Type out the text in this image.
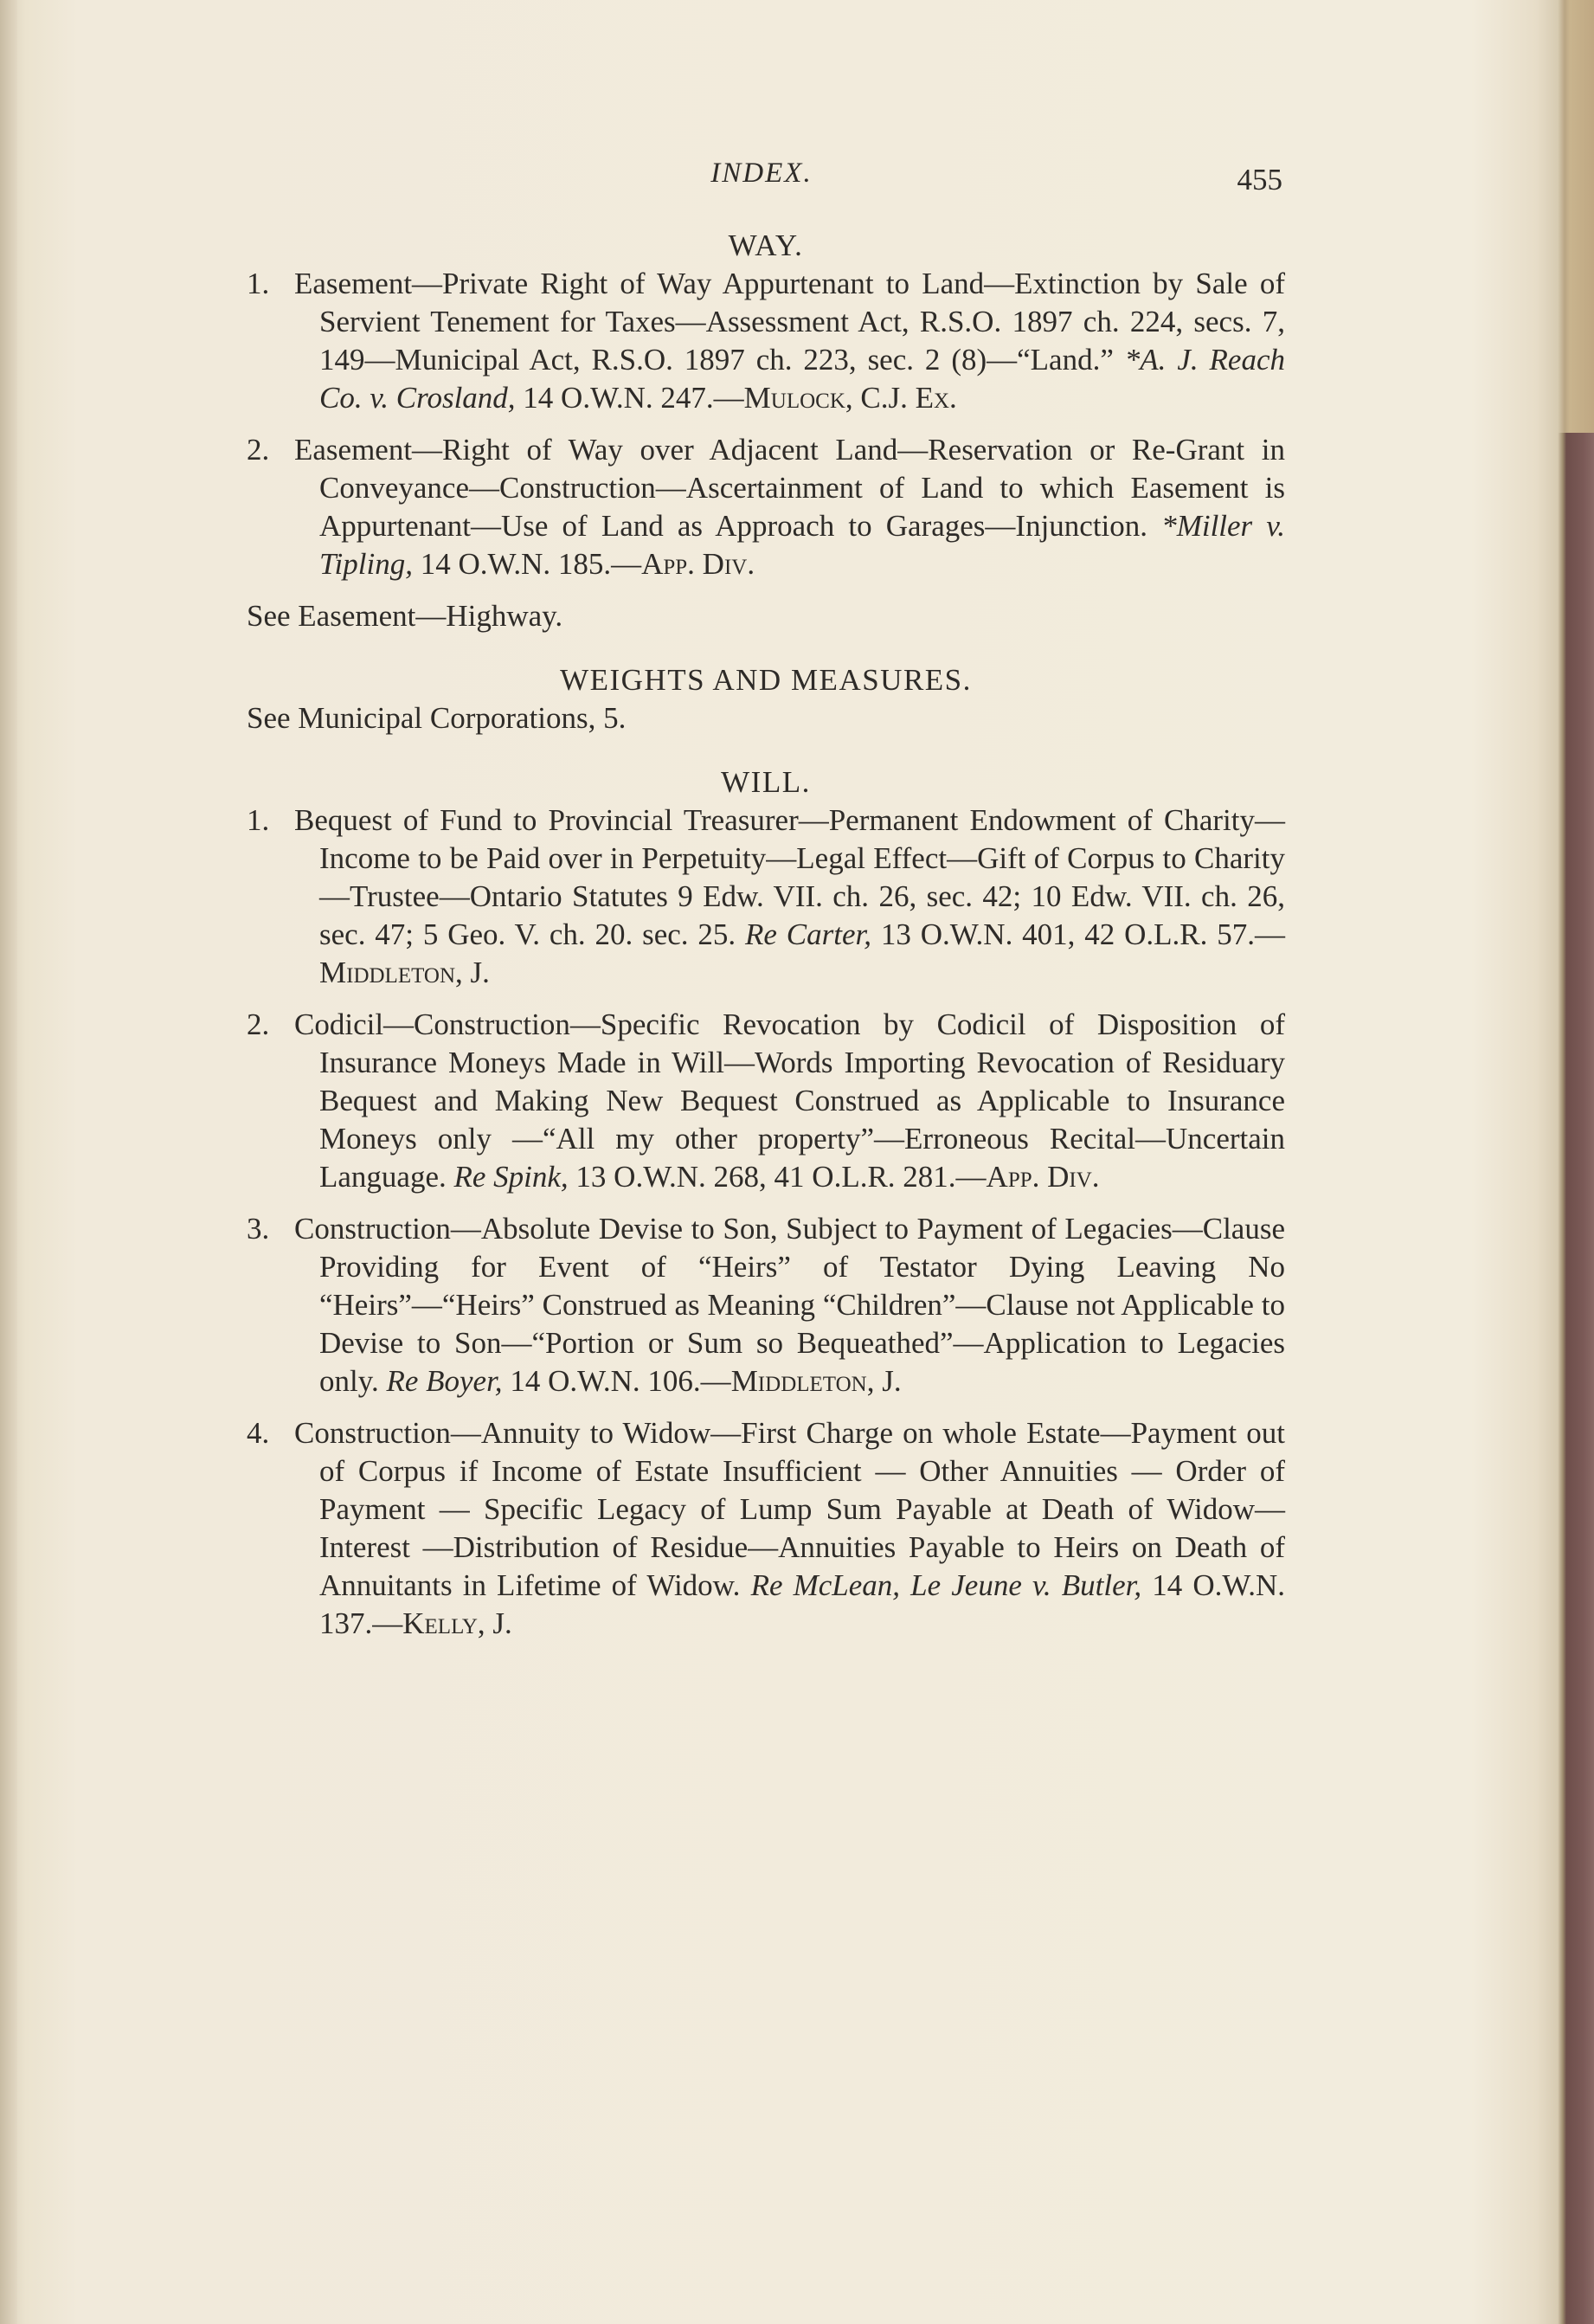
INDEX.	455

WAY.

1. Easement—Private Right of Way Appurtenant to Land—Extinction by Sale of Servient Tenement for Taxes—Assessment Act, R.S.O. 1897 ch. 224, secs. 7, 149—Municipal Act, R.S.O. 1897 ch. 223, sec. 2 (8)—“Land.” *A. J. Reach Co. v. Crosland, 14 O.W.N. 247.—Mulock, C.J. Ex.

2. Easement—Right of Way over Adjacent Land—Reservation or Re-Grant in Conveyance—Construction—Ascertainment of Land to which Easement is Appurtenant—Use of Land as Approach to Garages—Injunction. *Miller v. Tipling, 14 O.W.N. 185.—App. Div.

See Easement—Highway.

WEIGHTS AND MEASURES.

See Municipal Corporations, 5.

WILL.

1. Bequest of Fund to Provincial Treasurer—Permanent Endowment of Charity—Income to be Paid over in Perpetuity—Legal Effect—Gift of Corpus to Charity—Trustee—Ontario Statutes 9 Edw. VII. ch. 26, sec. 42; 10 Edw. VII. ch. 26, sec. 47; 5 Geo. V. ch. 20. sec. 25. Re Carter, 13 O.W.N. 401, 42 O.L.R. 57.—Middleton, J.

2. Codicil—Construction—Specific Revocation by Codicil of Disposition of Insurance Moneys Made in Will—Words Importing Revocation of Residuary Bequest and Making New Bequest Construed as Applicable to Insurance Moneys only —“All my other property”—Erroneous Recital—Uncertain Language. Re Spink, 13 O.W.N. 268, 41 O.L.R. 281.—App. Div.

3. Construction—Absolute Devise to Son, Subject to Payment of Legacies—Clause Providing for Event of “Heirs” of Testator Dying Leaving No “Heirs”—“Heirs” Construed as Meaning “Children”—Clause not Applicable to Devise to Son—“Portion or Sum so Bequeathed”—Application to Legacies only. Re Boyer, 14 O.W.N. 106.—Middleton, J.

4. Construction—Annuity to Widow—First Charge on whole Estate—Payment out of Corpus if Income of Estate Insufficient — Other Annuities — Order of Payment — Specific Legacy of Lump Sum Payable at Death of Widow—Interest —Distribution of Residue—Annuities Payable to Heirs on Death of Annuitants in Lifetime of Widow. Re McLean, Le Jeune v. Butler, 14 O.W.N. 137.—Kelly, J.
